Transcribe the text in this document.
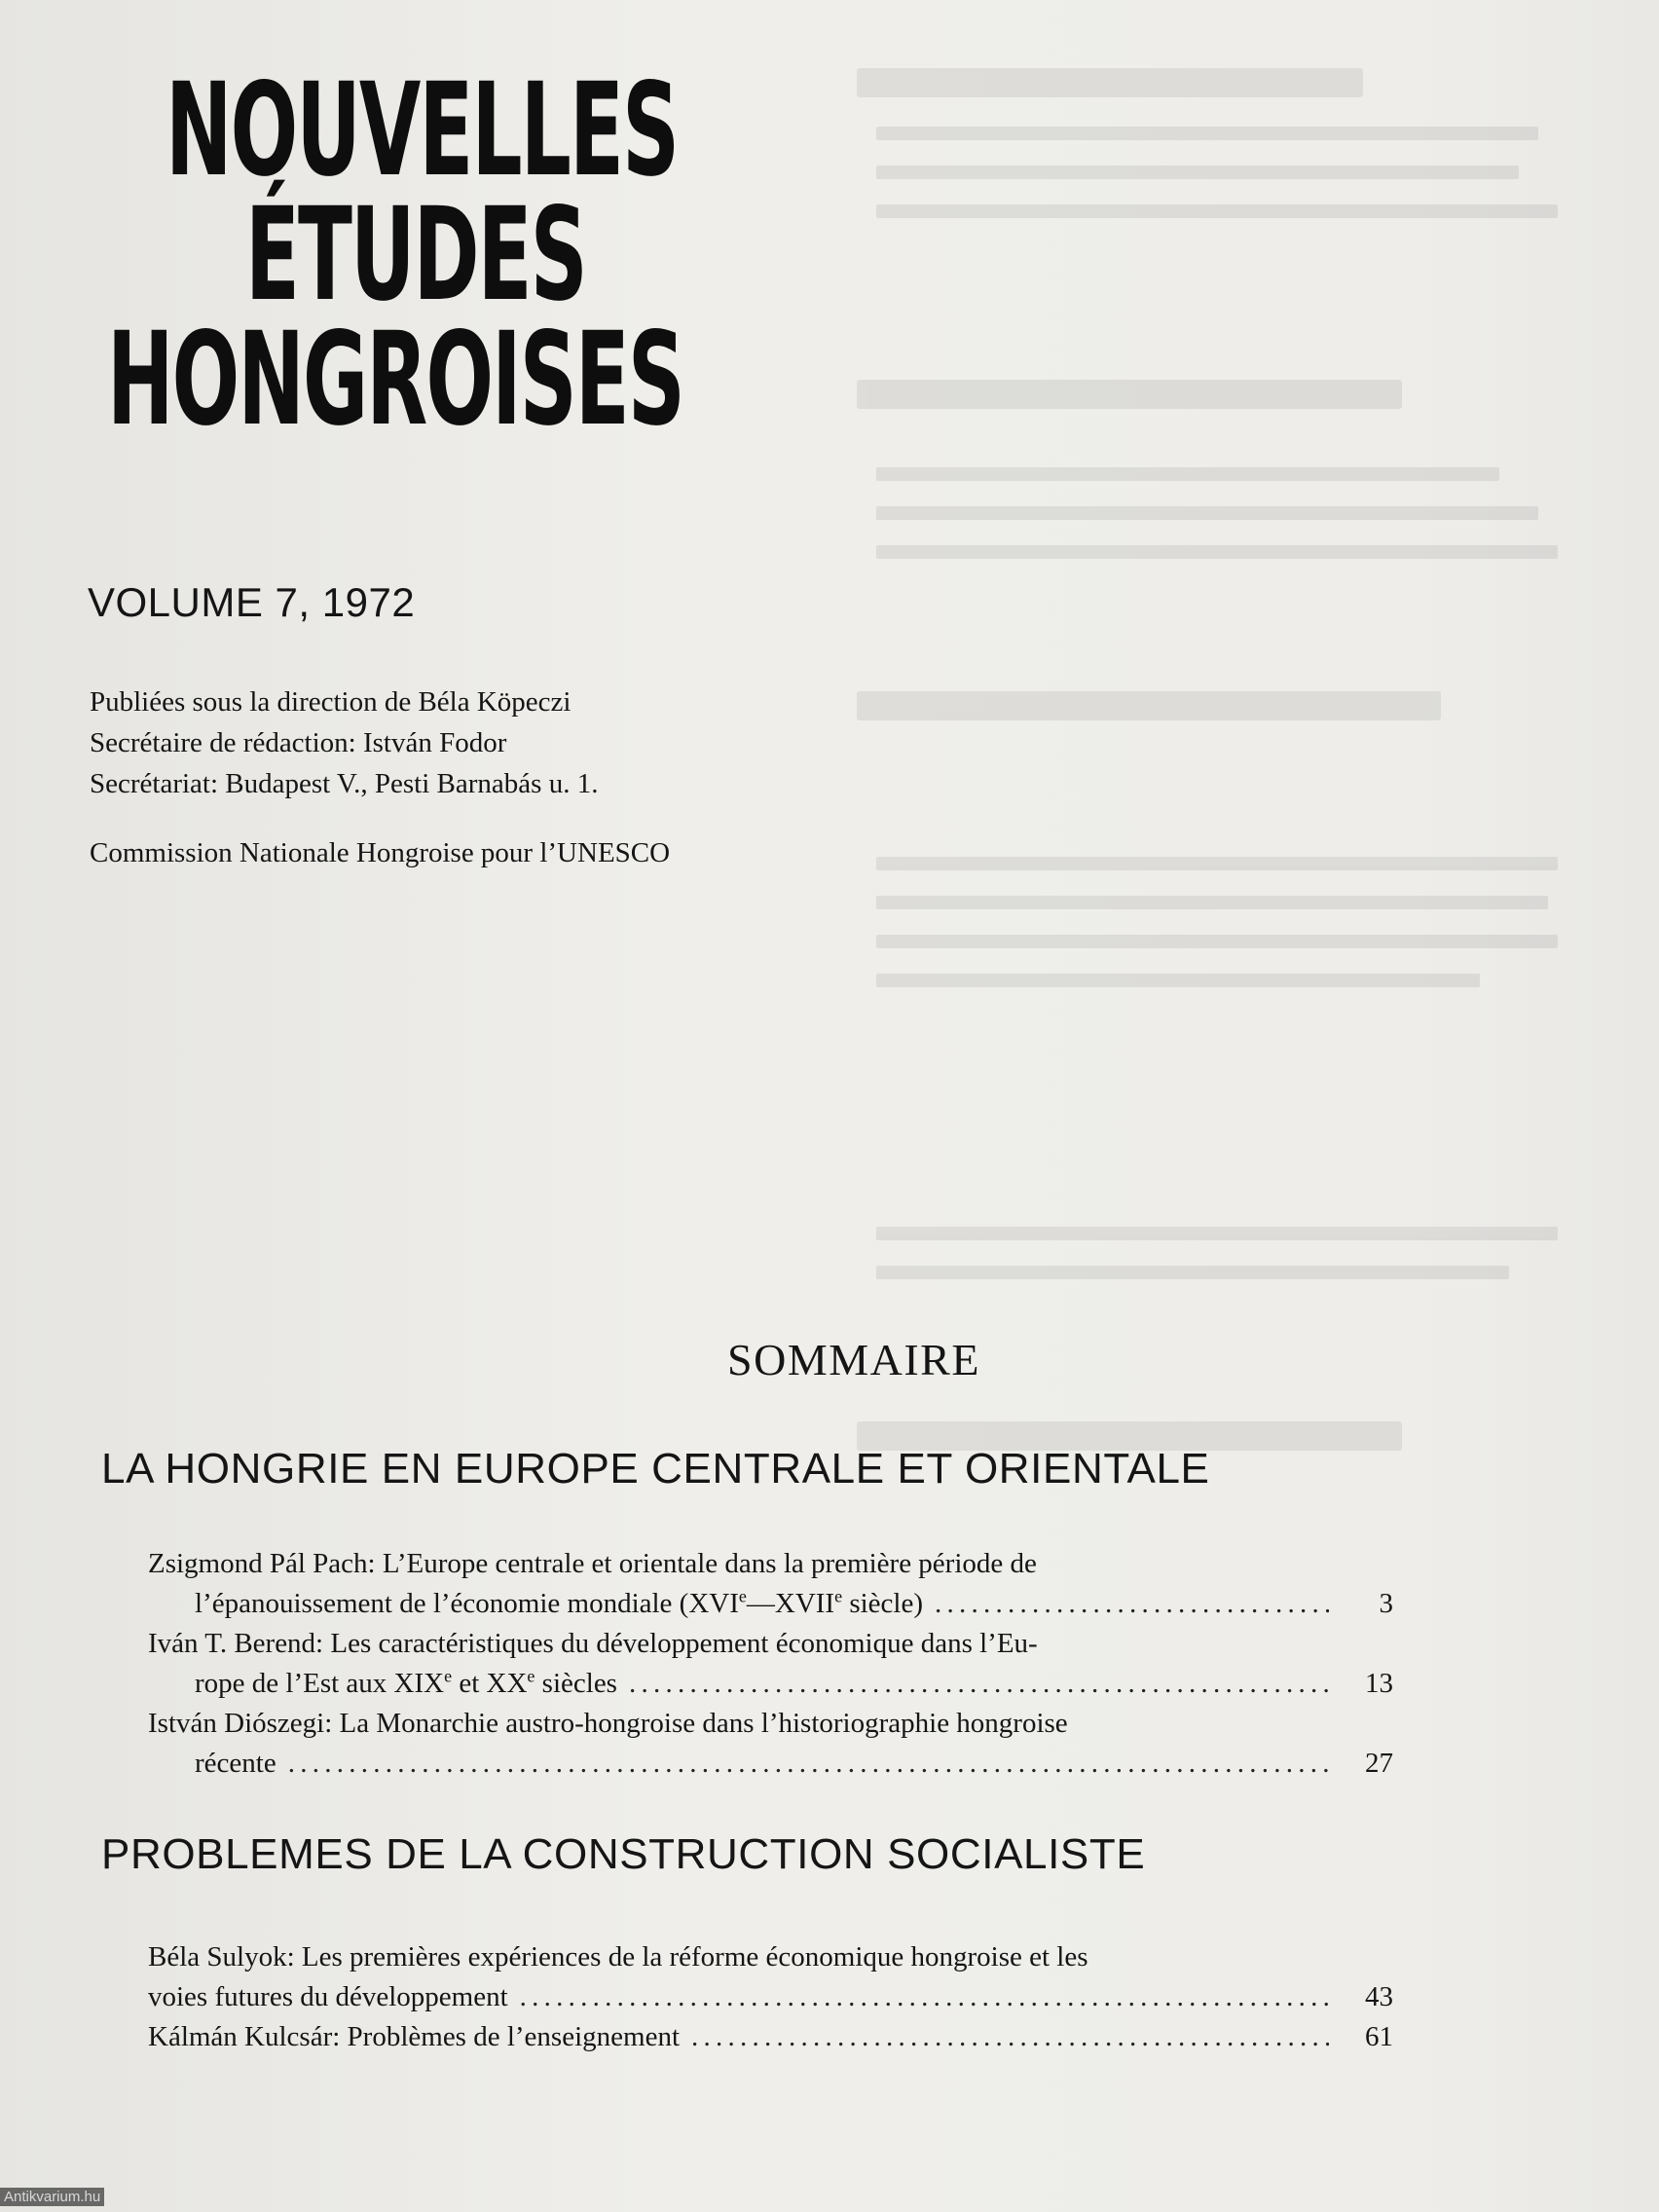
NOUVELLES
ÉTUDES
HONGROISES
VOLUME 7, 1972
Publiées sous la direction de Béla Köpeczi
Secrétaire de rédaction: István Fodor
Secrétariat: Budapest V., Pesti Barnabás u. 1.
Commission Nationale Hongroise pour l’UNESCO
SOMMAIRE
LA HONGRIE EN EUROPE CENTRALE ET ORIENTALE
Zsigmond Pál Pach: L’Europe centrale et orientale dans la première période de
l’épanouissement de l’économie mondiale (XVIe—XVIIe siècle) . . .	3
Iván T. Berend: Les caractéristiques du développement économique dans l’Eu-
rope de l’Est aux XIXe et XXe siècles . . .	13
István Diószegi: La Monarchie austro-hongroise dans l’historiographie hongroise
récente . . .	27
PROBLEMES DE LA CONSTRUCTION SOCIALISTE
Béla Sulyok: Les premières expériences de la réforme économique hongroise et les
voies futures du développement . . .	43
Kálmán Kulcsár: Problèmes de l’enseignement . . .	61
Antikvarium.hu
